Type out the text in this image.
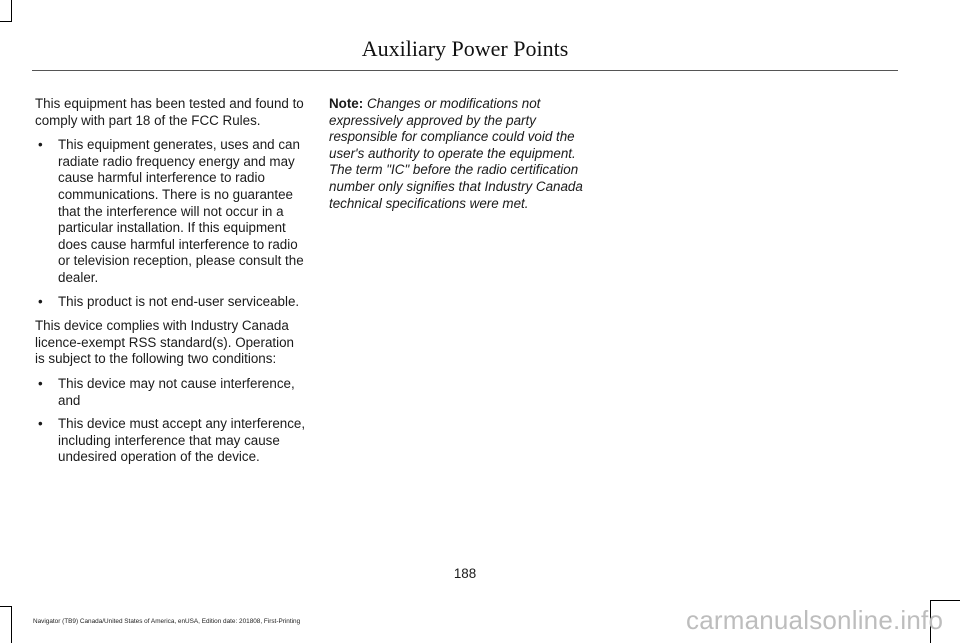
Auxiliary Power Points

This equipment has been tested and found to comply with part 18 of the FCC Rules.

• This equipment generates, uses and can radiate radio frequency energy and may cause harmful interference to radio communications. There is no guarantee that the interference will not occur in a particular installation. If this equipment does cause harmful interference to radio or television reception, please consult the dealer.
• This product is not end-user serviceable.

This device complies with Industry Canada licence-exempt RSS standard(s). Operation is subject to the following two conditions:

• This device may not cause interference, and
• This device must accept any interference, including interference that may cause undesired operation of the device.

Note: Changes or modifications not expressively approved by the party responsible for compliance could void the user's authority to operate the equipment. The term "IC" before the radio certification number only signifies that Industry Canada technical specifications were met.

188
Navigator (TB9) Canada/United States of America, enUSA, Edition date: 201808, First-Printing	carmanualsonline.info
